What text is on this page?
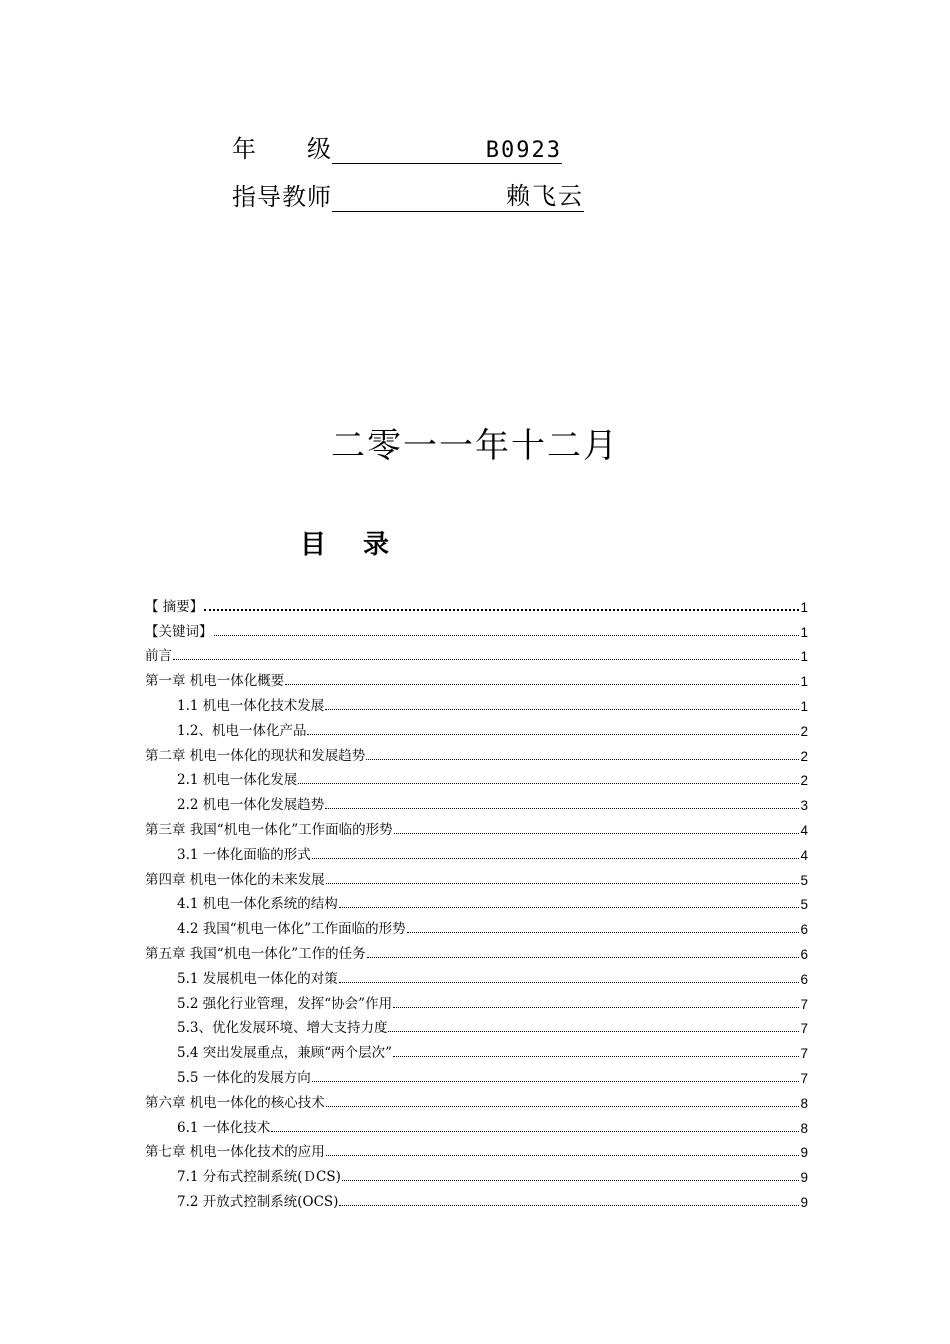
年　　级	B0923
指导教师	赖飞云
二零一一年十二月
目 录
【 摘要】	1
【关键词】	1
前言	1
第一章 机电一体化概要	1
1.1 机电一体化技术发展	1
1.2、机电一体化产品	2
第二章 机电一体化的现状和发展趋势	2
2.1 机电一体化发展	2
2.2 机电一体化发展趋势	3
第三章 我国“机电一体化”工作面临的形势	4
3.1 一体化面临的形式	4
第四章 机电一体化的未来发展	5
4.1 机电一体化系统的结构	5
4.2 我国“机电一体化”工作面临的形势	6
第五章 我国“机电一体化”工作的任务	6
5.1 发展机电一体化的对策	6
5.2 强化行业管理，发挥“协会”作用	7
5.3、优化发展环境、增大支持力度	7
5.4 突出发展重点，兼顾“两个层次”	7
5.5 一体化的发展方向	7
第六章 机电一体化的核心技术	8
6.1 一体化技术	8
第七章 机电一体化技术的应用	9
7.1 分布式控制系统(ＤCS)	9
7.2 开放式控制系统(OCS)	9
